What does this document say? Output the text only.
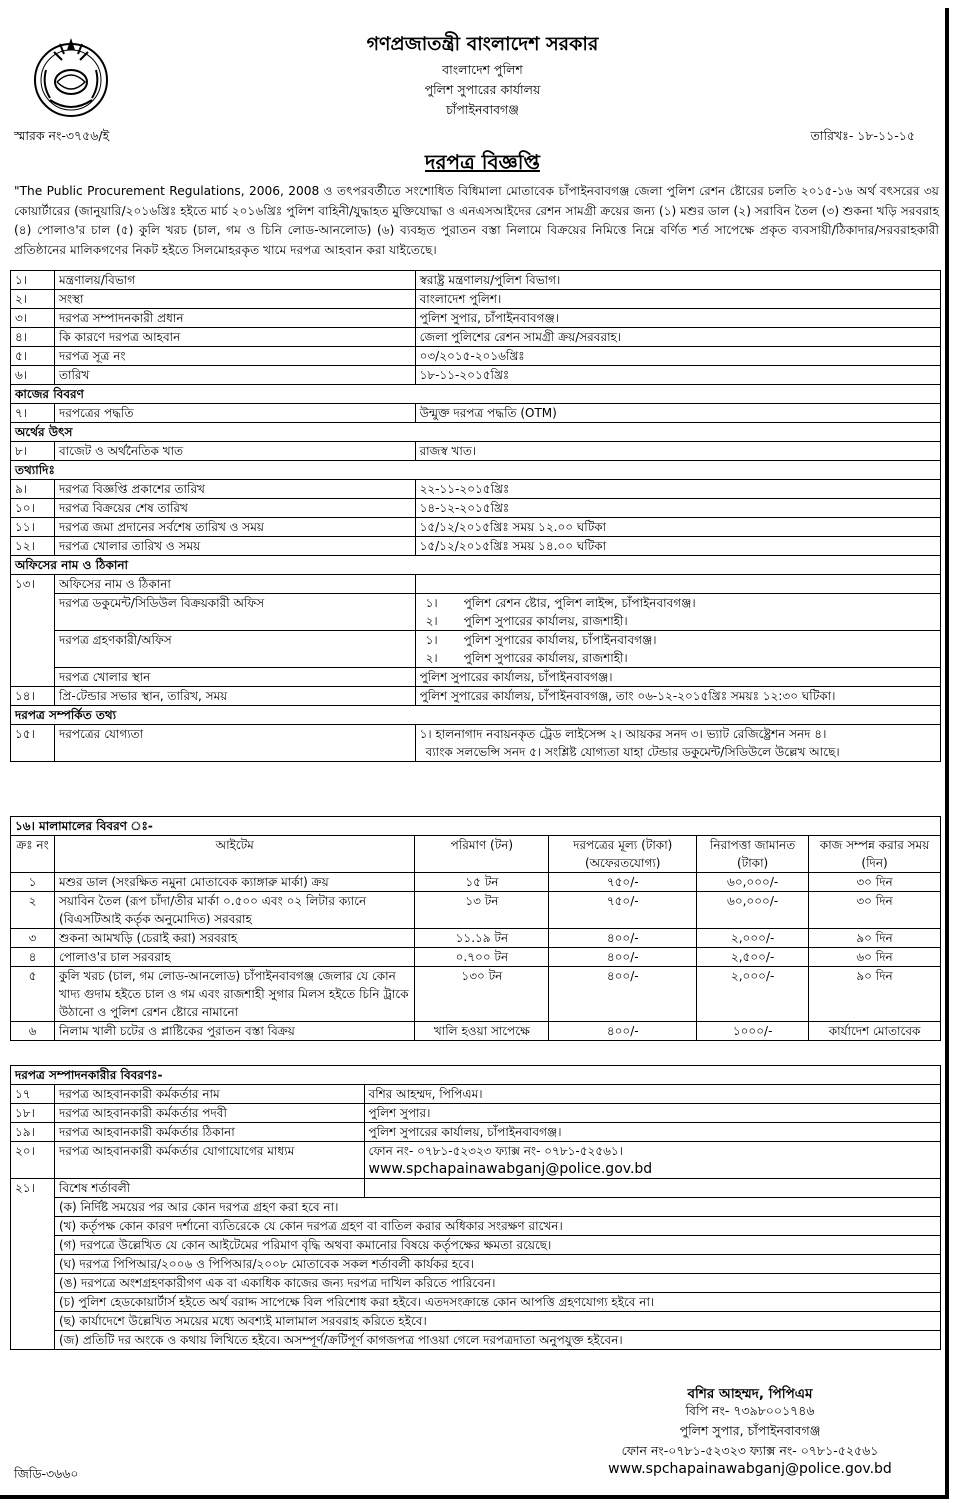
গণপ্রজাতন্ত্রী বাংলাদেশ সরকার
বাংলাদেশ পুলিশ
পুলিশ সুপারের কার্যালয়
চাঁপাইনবাবগঞ্জ
স্মারক নং-৩৭৫৬/ই	তারিখঃ- ১৮-১১-১৫
দরপত্র বিজ্ঞপ্তি
"The Public Procurement Regulations, 2006, 2008 ও তৎপরবর্তীতে সংশোধিত বিধিমালা মোতাবেক চাঁপাইনবাবগঞ্জ জেলা পুলিশ রেশন ষ্টোরের চলতি ২০১৫-১৬ অর্থ বৎসরের ৩য় কোয়ার্টারের (জানুয়ারি/২০১৬খ্রিঃ হইতে মার্চ ২০১৬খ্রিঃ পুলিশ বাহিনী/যুদ্ধাহত মুক্তিযোদ্ধা ও এনএসআইদের রেশন সামগ্রী ক্রয়ের জন্য (১) মশুর ডাল (২) সরাবিন তৈল (৩) শুকনা খড়ি সরবরাহ (৪) পোলাও'র চাল (৫) কুলি খরচ (চাল, গম ও চিনি লোড-আনলোড) (৬) ব্যবহৃত পুরাতন বস্তা নিলামে বিক্রয়ের নিমিত্তে নিম্নে বর্ণিত শর্ত সাপেক্ষে প্রকৃত ব্যবসায়ী/ঠিকাদার/সরবরাহকারী প্রতিষ্ঠানের মালিকগণের নিকট হইতে সিলমোহরকৃত খামে দরপত্র আহবান করা যাইতেছে।
১।	মন্ত্রণালয়/বিভাগ	স্বরাষ্ট্র মন্ত্রণালয়/পুলিশ বিভাগ।
২।	সংস্থা	বাংলাদেশ পুলিশ।
৩।	দরপত্র সম্পাদনকারী প্রধান	পুলিশ সুপার, চাঁপাইনবাবগঞ্জ।
৪।	কি কারণে দরপত্র আহবান	জেলা পুলিশের রেশন সামগ্রী ক্রয়/সরবরাহ।
৫।	দরপত্র সূত্র নং	০৩/২০১৫-২০১৬খ্রিঃ
৬।	তারিখ	১৮-১১-২০১৫খ্রিঃ
কাজের বিবরণ		
৭।	দরপত্রের পদ্ধতি	উন্মুক্ত দরপত্র পদ্ধতি (OTM)
অর্থের উৎস		
৮।	বাজেট ও অর্থনৈতিক খাত	রাজস্ব খাত।
তথ্যাদিঃ		
৯।	দরপত্র বিজ্ঞপ্তি প্রকাশের তারিখ	২২-১১-২০১৫খ্রিঃ
১০।	দরপত্র বিক্রয়ের শেষ তারিখ	১৪-১২-২০১৫খ্রিঃ
১১।	দরপত্র জমা প্রদানের সর্বশেষ তারিখ ও সময়	১৫/১২/২০১৫খ্রিঃ সময় ১২.০০ ঘটিকা
১২।	দরপত্র খোলার তারিখ ও সময়	১৫/১২/২০১৫খ্রিঃ সময় ১৪.০০ ঘটিকা
অফিসের নাম ও ঠিকানা		
১৩।	অফিসের নাম ও ঠিকানা	
	দরপত্র ডকুমেন্ট/সিডিউল বিক্রয়কারী অফিস	১। পুলিশ রেশন ষ্টোর, পুলিশ লাইন্স, চাঁপাইনবাবগঞ্জ।
২। পুলিশ সুপারের কার্যালয়, রাজশাহী।

	দরপত্র গ্রহণকারী/অফিস	১। পুলিশ সুপারের কার্যালয়, চাঁপাইনবাবগঞ্জ।
২। পুলিশ সুপারের কার্যালয়, রাজশাহী।

	দরপত্র খোলার স্থান	পুলিশ সুপারের কার্যালয়, চাঁপাইনবাবগঞ্জ।
১৪।	প্রি-টেন্ডার সভার স্থান, তারিখ, সময়	পুলিশ সুপারের কার্যালয়, চাঁপাইনবাবগঞ্জ, তাং ০৬-১২-২০১৫খ্রিঃ সময়ঃ ১২:৩০ ঘটিকা।
দরপত্র সম্পর্কিত তথ্য		
১৫।	দরপত্রের যোগ্যতা	১। হালনাগাদ নবায়নকৃত ট্রেড লাইসেন্স ২। আয়কর সনদ ৩। ভ্যাট রেজিষ্ট্রেশন সনদ ৪।
ব্যাংক সলভেন্সি সনদ ৫। সংশ্লিষ্ট যোগ্যতা যাহা টেন্ডার ডকুমেন্ট/সিডিউলে উল্লেখ আছে।
১৬। মালামালের বিবরণ ঃ-					
ক্রঃ নং	আইটেম	পরিমাণ (টন)	দরপত্রের মূল্য (টাকা) (অফেরতযোগ্য)	নিরাপত্তা জামানত (টাকা)	কাজ সম্পন্ন করার সময় (দিন)
১	মশুর ডাল (সংরক্ষিত নমুনা মোতাবেক ক্যাঙ্গারু মার্কা) ক্রয়	১৫ টন	৭৫০/-	৬০,০০০/-	৩০ দিন
২	সয়াবিন তৈল (রূপ চাঁদা/তীর মার্কা ০.৫০০ এবং ০২ লিটার ক্যানে (বিএসটিআই কর্তৃক অনুমোদিত) সরবরাহ	১৩ টন	৭৫০/-	৬০,০০০/-	৩০ দিন
৩	শুকনা আমখড়ি (চেরাই করা) সরবরাহ	১১.১৯ টন	৪০০/-	২,০০০/-	৯০ দিন
৪	পোলাও'র চাল সরবরাহ	০.৭০০ টন	৪০০/-	২,৫০০/-	৬০ দিন
৫	কুলি খরচ (চাল, গম লোড-আনলোড) চাঁপাইনবাবগঞ্জ জেলার যে কোন খাদ্য গুদাম হইতে চাল ও গম এবং রাজশাহী সুগার মিলস হইতে চিনি ট্রাকে উঠানো ও পুলিশ রেশন ষ্টোরে নামানো	১৩০ টন	৪০০/-	২,০০০/-	৯০ দিন
৬	নিলাম খালী চটের ও প্লাষ্টিকের পুরাতন বস্তা বিক্রয়	খালি হওয়া সাপেক্ষে	৪০০/-	১০০০/-	কার্যাদেশ মোতাবেক
দরপত্র সম্পাদনকারীর বিবরণঃ-		
১৭	দরপত্র আহবানকারী কর্মকর্তার নাম	বশির আহম্মদ, পিপিএম।
১৮।	দরপত্র আহবানকারী কর্মকর্তার পদবী	পুলিশ সুপার।
১৯।	দরপত্র আহবানকারী কর্মকর্তার ঠিকানা	পুলিশ সুপারের কার্যালয়, চাঁপাইনবাবগঞ্জ।
২০।	দরপত্র আহবানকারী কর্মকর্তার যোগাযোগের মাধ্যম	ফোন নং- ০৭৮১-৫২৩২৩ ফ্যাক্স নং- ০৭৮১-৫২৫৬১।
www.spchapainawabganj@police.gov.bd

২১।	বিশেষ শর্তাবলী	
	(ক) নির্দিষ্ট সময়ের পর আর কোন দরপত্র গ্রহণ করা হবে না।	
	(খ) কর্তৃপক্ষ কোন কারণ দর্শানো ব্যতিরেকে যে কোন দরপত্র গ্রহণ বা বাতিল করার অধিকার সংরক্ষণ রাখেন।	
	(গ) দরপত্রে উল্লেখিত যে কোন আইটেমের পরিমাণ বৃদ্ধি অথবা কমানোর বিষয়ে কর্তৃপক্ষের ক্ষমতা রয়েছে।	
	(ঘ) দরপত্র পিপিআর/২০০৬ ও পিপিআর/২০০৮ মোতাবেক সকল শর্তাবলী কার্যকর হবে।	
	(ঙ) দরপত্রে অংশগ্রহণকারীগণ এক বা একাধিক কাজের জন্য দরপত্র দাখিল করিতে পারিবেন।	
	(চ) পুলিশ হেডকোয়ার্টার্স হইতে অর্থ বরাদ্দ সাপেক্ষে বিল পরিশোধ করা হইবে। এতদসংক্রান্তে কোন আপত্তি গ্রহণযোগ্য হইবে না।	
	(ছ) কার্যাদেশে উল্লেখিত সময়ের মধ্যে অবশ্যই মালামাল সরবরাহ করিতে হইবে।	
	(জ) প্রতিটি দর অংকে ও কথায় লিখিতে হইবে। অসম্পূর্ণ/ক্রটিপূর্ণ কাগজপত্র পাওয়া গেলে দরপত্রদাতা অনুপযুক্ত হইবেন।	
বশির আহম্মদ, পিপিএম
বিপি নং- ৭৩৯৮০০১৭৪৬
পুলিশ সুপার, চাঁপাইনবাবগঞ্জ
ফোন নং-০৭৮১-৫২৩২৩ ফ্যাক্স নং- ০৭৮১-৫২৫৬১
www.spchapainawabganj@police.gov.bd
জিডি-৩৬৬০
